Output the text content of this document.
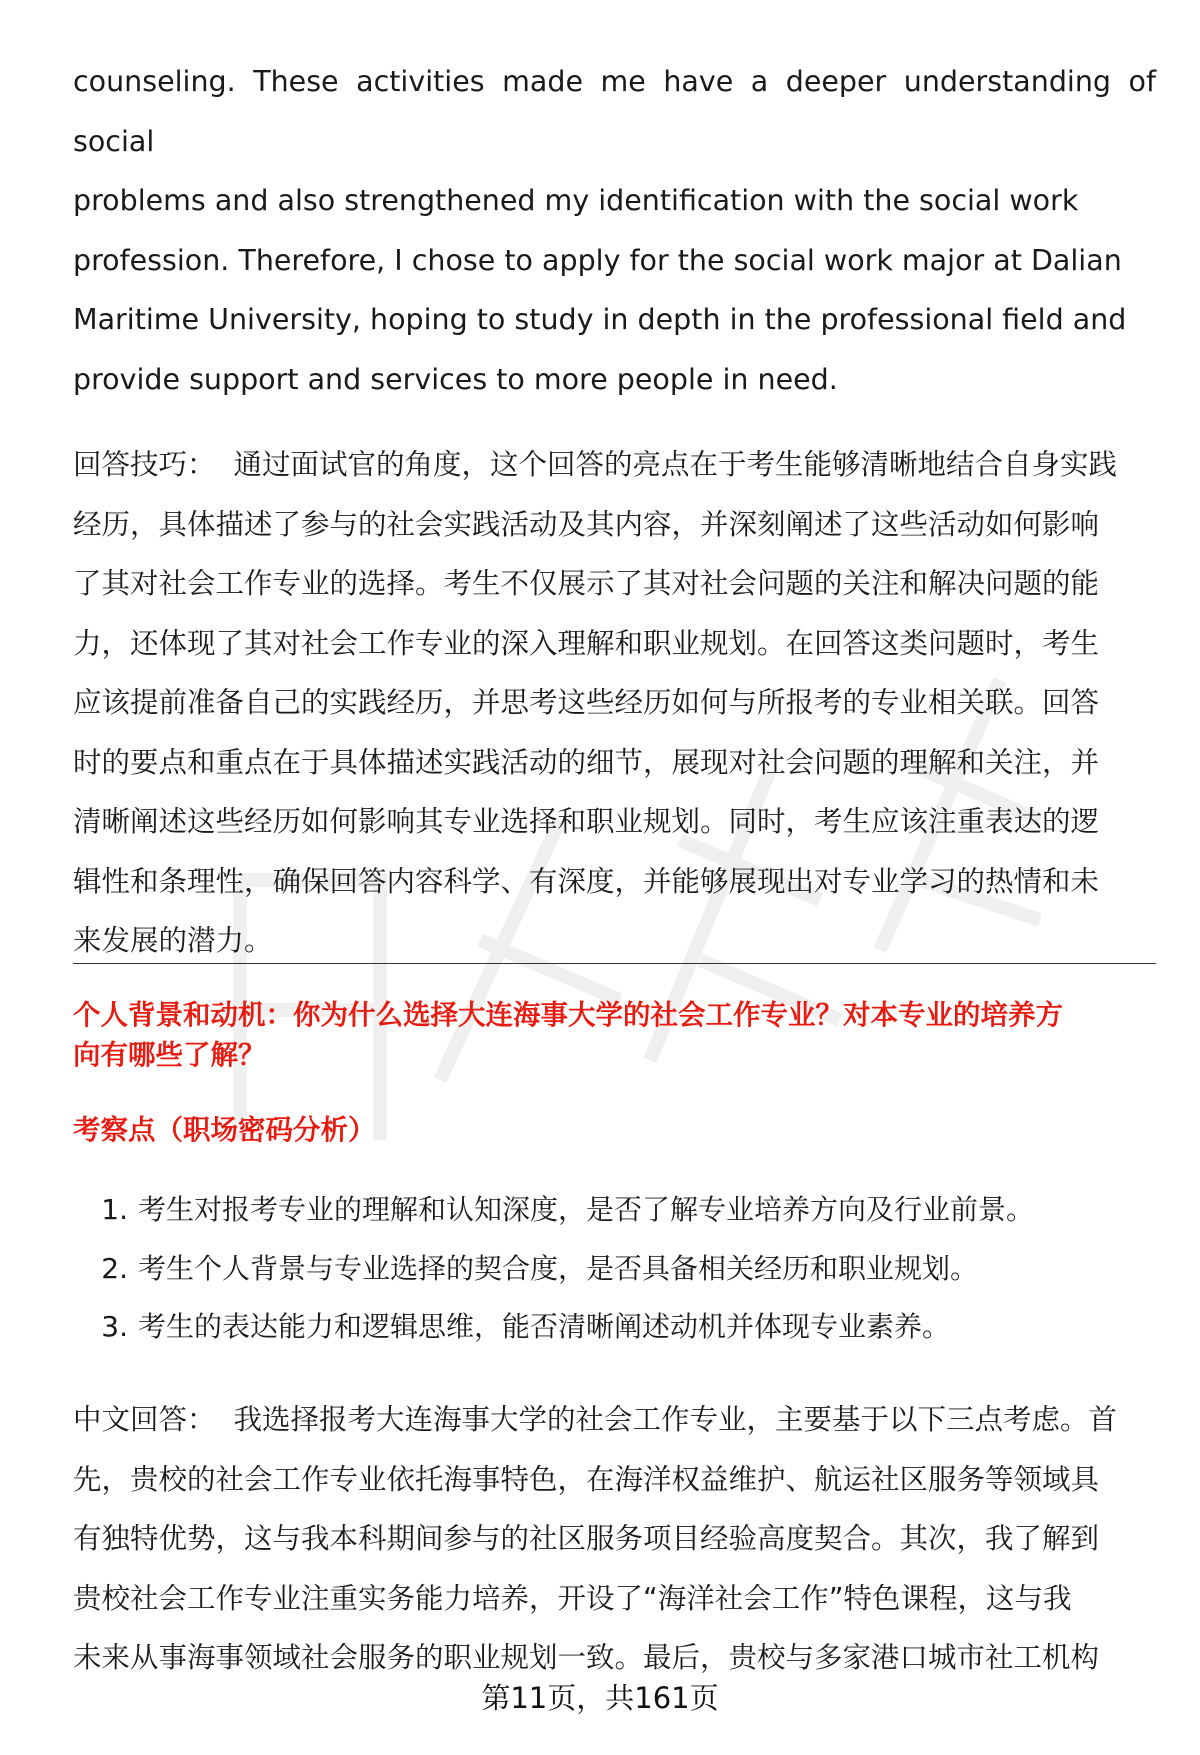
counseling. These activities made me have a deeper understanding of social

problems and also strengthened my identification with the social work

profession. Therefore, I chose to apply for the social work major at Dalian

Maritime University, hoping to study in depth in the professional field and

provide support and services to more people in need.

回答技巧： 通过面试官的角度，这个回答的亮点在于考生能够清晰地结合自身实践

经历，具体描述了参与的社会实践活动及其内容，并深刻阐述了这些活动如何影响

了其对社会工作专业的选择。考生不仅展示了其对社会问题的关注和解决问题的能

力，还体现了其对社会工作专业的深入理解和职业规划。在回答这类问题时，考生

应该提前准备自己的实践经历，并思考这些经历如何与所报考的专业相关联。回答

时的要点和重点在于具体描述实践活动的细节，展现对社会问题的理解和关注，并

清晰阐述这些经历如何影响其专业选择和职业规划。同时，考生应该注重表达的逻

辑性和条理性，确保回答内容科学、有深度，并能够展现出对专业学习的热情和未

来发展的潜力。

个人背景和动机：你为什么选择大连海事大学的社会工作专业？对本专业的培养方
向有哪些了解？
考察点（职场密码分析）
1. 考生对报考专业的理解和认知深度，是否了解专业培养方向及行业前景。
2. 考生个人背景与专业选择的契合度，是否具备相关经历和职业规划。
3. 考生的表达能力和逻辑思维，能否清晰阐述动机并体现专业素养。

中文回答： 我选择报考大连海事大学的社会工作专业，主要基于以下三点考虑。首

先，贵校的社会工作专业依托海事特色，在海洋权益维护、航运社区服务等领域具

有独特优势，这与我本科期间参与的社区服务项目经验高度契合。其次，我了解到

贵校社会工作专业注重实务能力培养，开设了“海洋社会工作”特色课程，这与我

未来从事海事领域社会服务的职业规划一致。最后，贵校与多家港口城市社工机构

第11页，共161页
